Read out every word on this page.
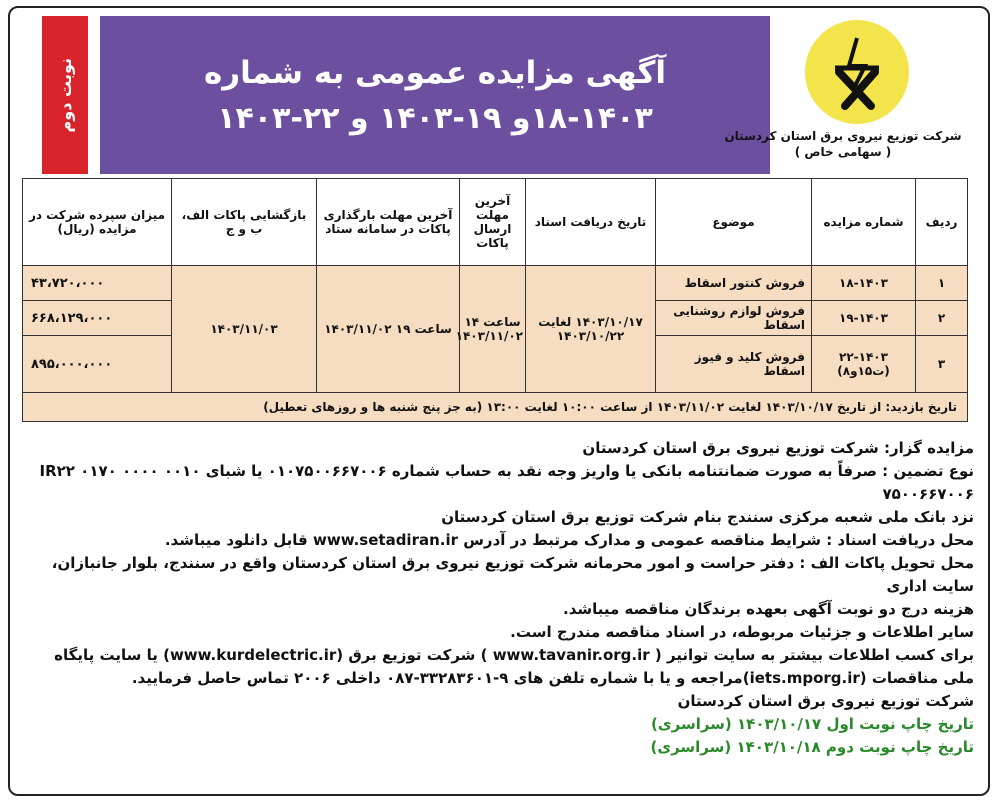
نوبت دوم	آگهی مزایده عمومی به شماره
۱۸-۱۴۰۳و ۱۹-۱۴۰۳ و ۲۲-۱۴۰۳
شرکت توزیع نیروی برق استان کردستان
( سهامی خاص )
ردیف	شماره مزایده	موضوع	تاریخ دریافت اسناد	آخرین مهلت ارسال پاکات	آخرین مهلت بارگذاری پاکات در سامانه ستاد	بازگشایی پاکات الف، ب و ج	میزان سپرده شرکت در مزایده (ریال)
۱	۱۸-۱۴۰۳	فروش کنتور اسقاط	۱۴۰۳/۱۰/۱۷ لغایت ۱۴۰۳/۱۰/۲۲	ساعت ۱۴ ۱۴۰۳/۱۱/۰۲	ساعت ۱۹ ۱۴۰۳/۱۱/۰۲	۱۴۰۳/۱۱/۰۳	۴۳،۷۲۰،۰۰۰
۲	۱۹-۱۴۰۳	فروش لوازم روشنایی اسقاط					۶۶۸،۱۲۹،۰۰۰
۳	۲۲-۱۴۰۳ (ت۱۵و۸)	فروش کلید و فیوز اسقاط					۸۹۵،۰۰۰،۰۰۰
تاریخ بازدید: از تاریخ ۱۴۰۳/۱۰/۱۷ لغایت ۱۴۰۳/۱۱/۰۲ از ساعت ۱۰:۰۰ لغایت ۱۳:۰۰ (به جز پنج شنبه ها و روزهای تعطیل)							

مزایده گزار: شرکت توزیع نیروی برق استان کردستان

نوع تضمین : صرفاً به صورت ضمانتنامه بانکی یا واریز وجه نقد به حساب شماره ۰۱۰۷۵۰۰۶۶۷۰۰۶ یا شبای IR۲۲ ۰۱۷۰ ۰۰۰۰ ۰۰۱۰ ۷۵۰۰۶۶۷۰۰۶

نزد بانک ملی شعبه مرکزی سنندج بنام شرکت توزیع برق استان کردستان

محل دریافت اسناد : شرایط مناقصه عمومی و مدارک مرتبط در آدرس www.setadiran.ir قابل دانلود میباشد.

محل تحویل پاکات الف : دفتر حراست و امور محرمانه شرکت توزیع نیروی برق استان کردستان واقع در سنندج، بلوار جانبازان، سایت اداری

هزینه درج دو نوبت آگهی بعهده برندگان مناقصه میباشد.

سایر اطلاعات و جزئیات مربوطه، در اسناد مناقصه مندرج است.

برای کسب اطلاعات بیشتر به سایت توانیر ( www.tavanir.org.ir ) شرکت توزیع برق (www.kurdelectric.ir) یا سایت پایگاه

ملی مناقصات (iets.mporg.ir)مراجعه و یا با شماره تلفن های ۹-۳۳۲۸۳۶۰۱-۰۸۷ داخلی ۲۰۰۶ تماس حاصل فرمایید.

شرکت توزیع نیروی برق استان کردستان

تاریخ چاپ نوبت اول ۱۴۰۳/۱۰/۱۷ (سراسری)

تاریخ چاپ نوبت دوم ۱۴۰۳/۱۰/۱۸ (سراسری)
